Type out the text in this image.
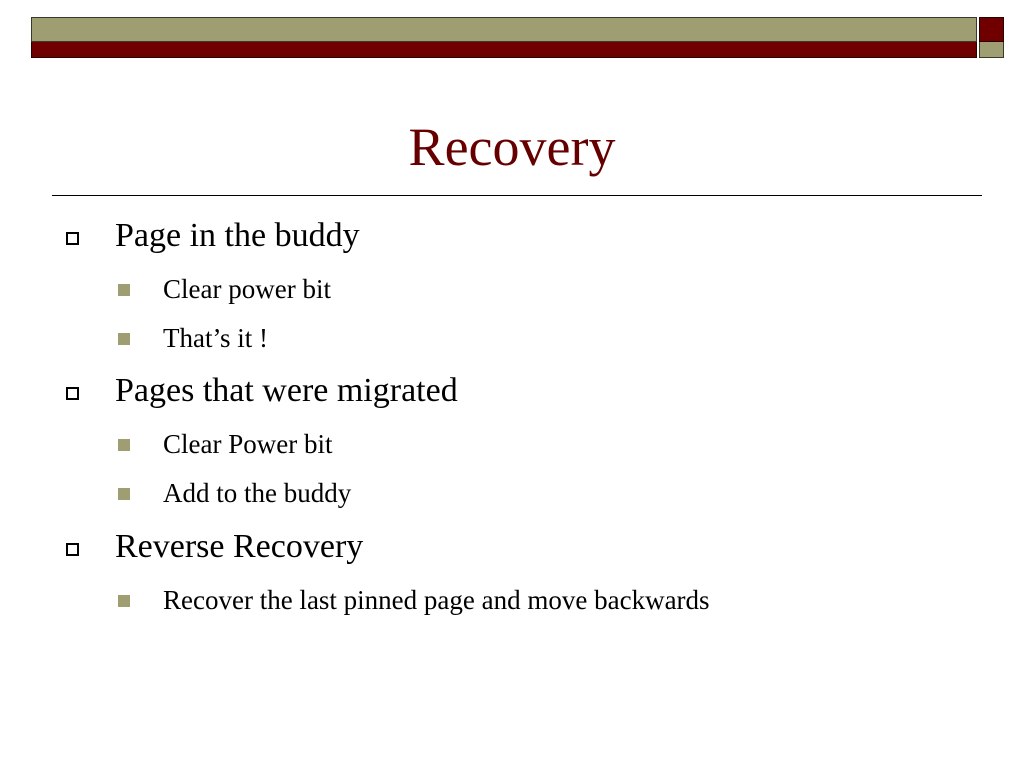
Recovery
Page in the buddy
Clear power bit
That’s it !
Pages that were migrated
Clear Power bit
Add to the buddy
Reverse Recovery
Recover the last pinned page and move backwards
